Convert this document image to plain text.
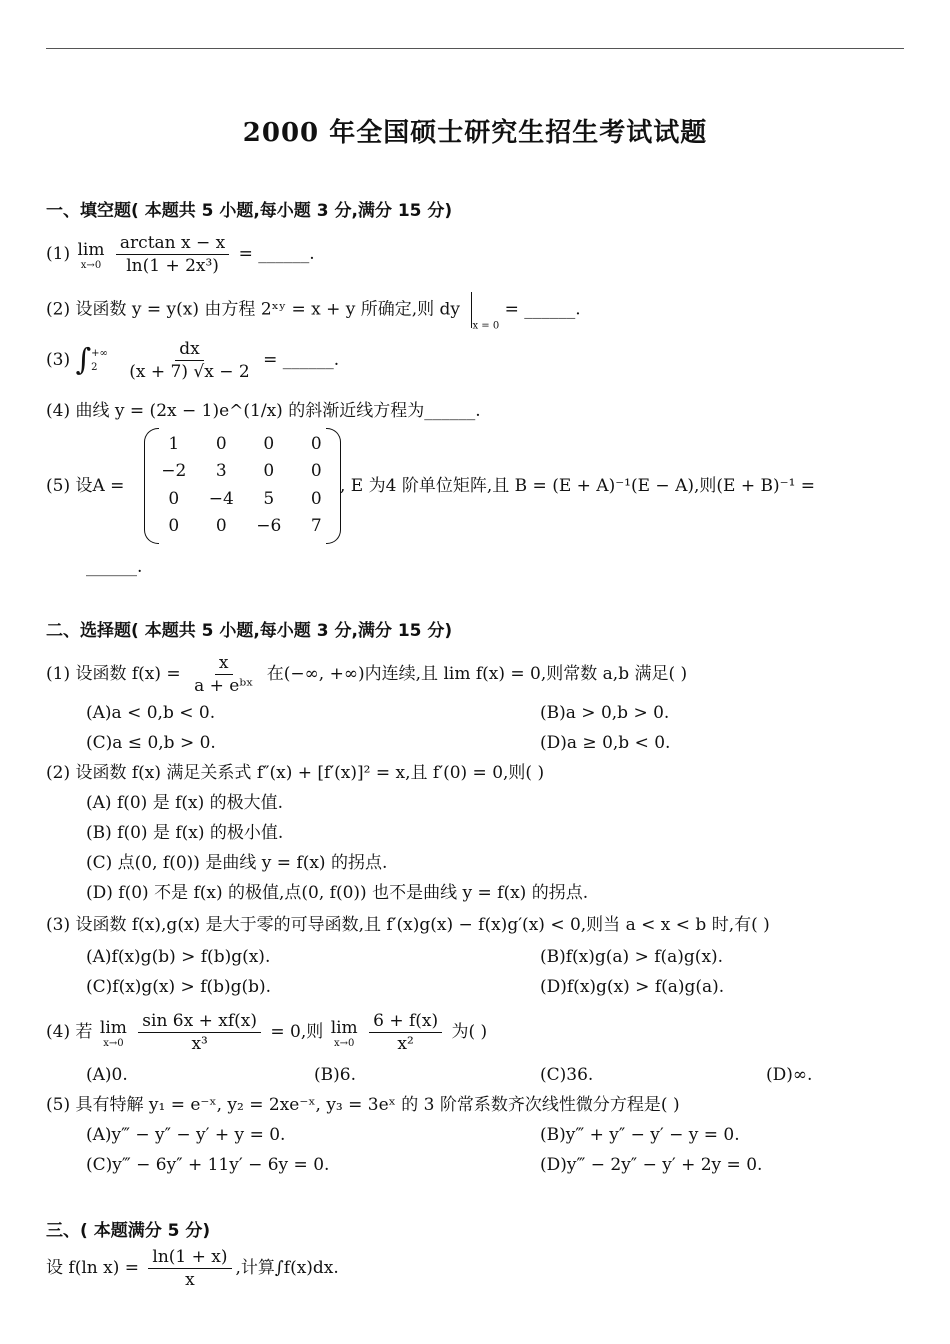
2000 年全国硕士研究生招生考试试题
一、填空题( 本题共 5 小题,每小题 3 分,满分 15 分)
(1) lim
x→0
$\frac{\text{arctan x − x}}{\text{ln(1 + 2x³)}}$ = ______.
(2) 设函数 y = y(x) 由方程 2ˣʸ = x + y 所确定,则 dy $_{x = 0}$ = ______.
(3) ∫ +∞
2
	$\frac{dx}{(x + 7) √x - 2}$ = ______.
(4) 曲线 y = (2x − 1)e^(1/x) 的斜渐近线方程为______.
(5) 设A =
1	0	0	0
−2	3	0	0
0	−4	5	0
0	0	−6	7
, E 为4 阶单位矩阵,且 B = (E + A)⁻¹(E − A),则(E + B)⁻¹ =
______.
二、选择题( 本题共 5 小题,每小题 3 分,满分 15 分)
(1) 设函数 $f(x) = \frac{x}{\text{a + eᵇˣ}}$ 在(−∞, +∞)内连续,且 lim f(x) = 0,则常数 a,b 满足( )
(A)a < 0,b < 0.	(B)a > 0,b > 0.
(C)a ≤ 0,b > 0.	(D)a ≥ 0,b < 0.
(2) 设函数 f(x) 满足关系式 f″(x) + [f′(x)]² = x,且 f′(0) = 0,则( )
(A) f(0) 是 f(x) 的极大值.
(B) f(0) 是 f(x) 的极小值.
(C) 点(0, f(0)) 是曲线 y = f(x) 的拐点.
(D) f(0) 不是 f(x) 的极值,点(0, f(0)) 也不是曲线 y = f(x) 的拐点.
(3) 设函数 f(x),g(x) 是大于零的可导函数,且 f′(x)g(x) − f(x)g′(x) < 0,则当 a < x < b 时,有( )
(A)f(x)g(b) > f(b)g(x).	(B)f(x)g(a) > f(a)g(x).
(C)f(x)g(x) > f(b)g(b).	(D)f(x)g(x) > f(a)g(a).
(4) 若 lim
x→0
$\frac{\sin 6x + xf(x)}{\text{x³}} = 0$,则 lim
x→0
$\frac{6 + f(x)}{\text{x²}}$ 为( )
(A)0.	(B)6.	(C)36.	(D)∞.
(5) 具有特解 y₁ = e⁻ˣ, y₂ = 2xe⁻ˣ, y₃ = 3eˣ 的 3 阶常系数齐次线性微分方程是( )
(A)y‴ − y″ − y′ + y = 0.	(B)y‴ + y″ − y′ − y = 0.
(C)y‴ − 6y″ + 11y′ − 6y = 0.	(D)y‴ − 2y″ − y′ + 2y = 0.
三、( 本题满分 5 分)
设 f(ln $x) = \frac{\ln(1 + x)}{x}$ ,计算∫f(x)dx.
